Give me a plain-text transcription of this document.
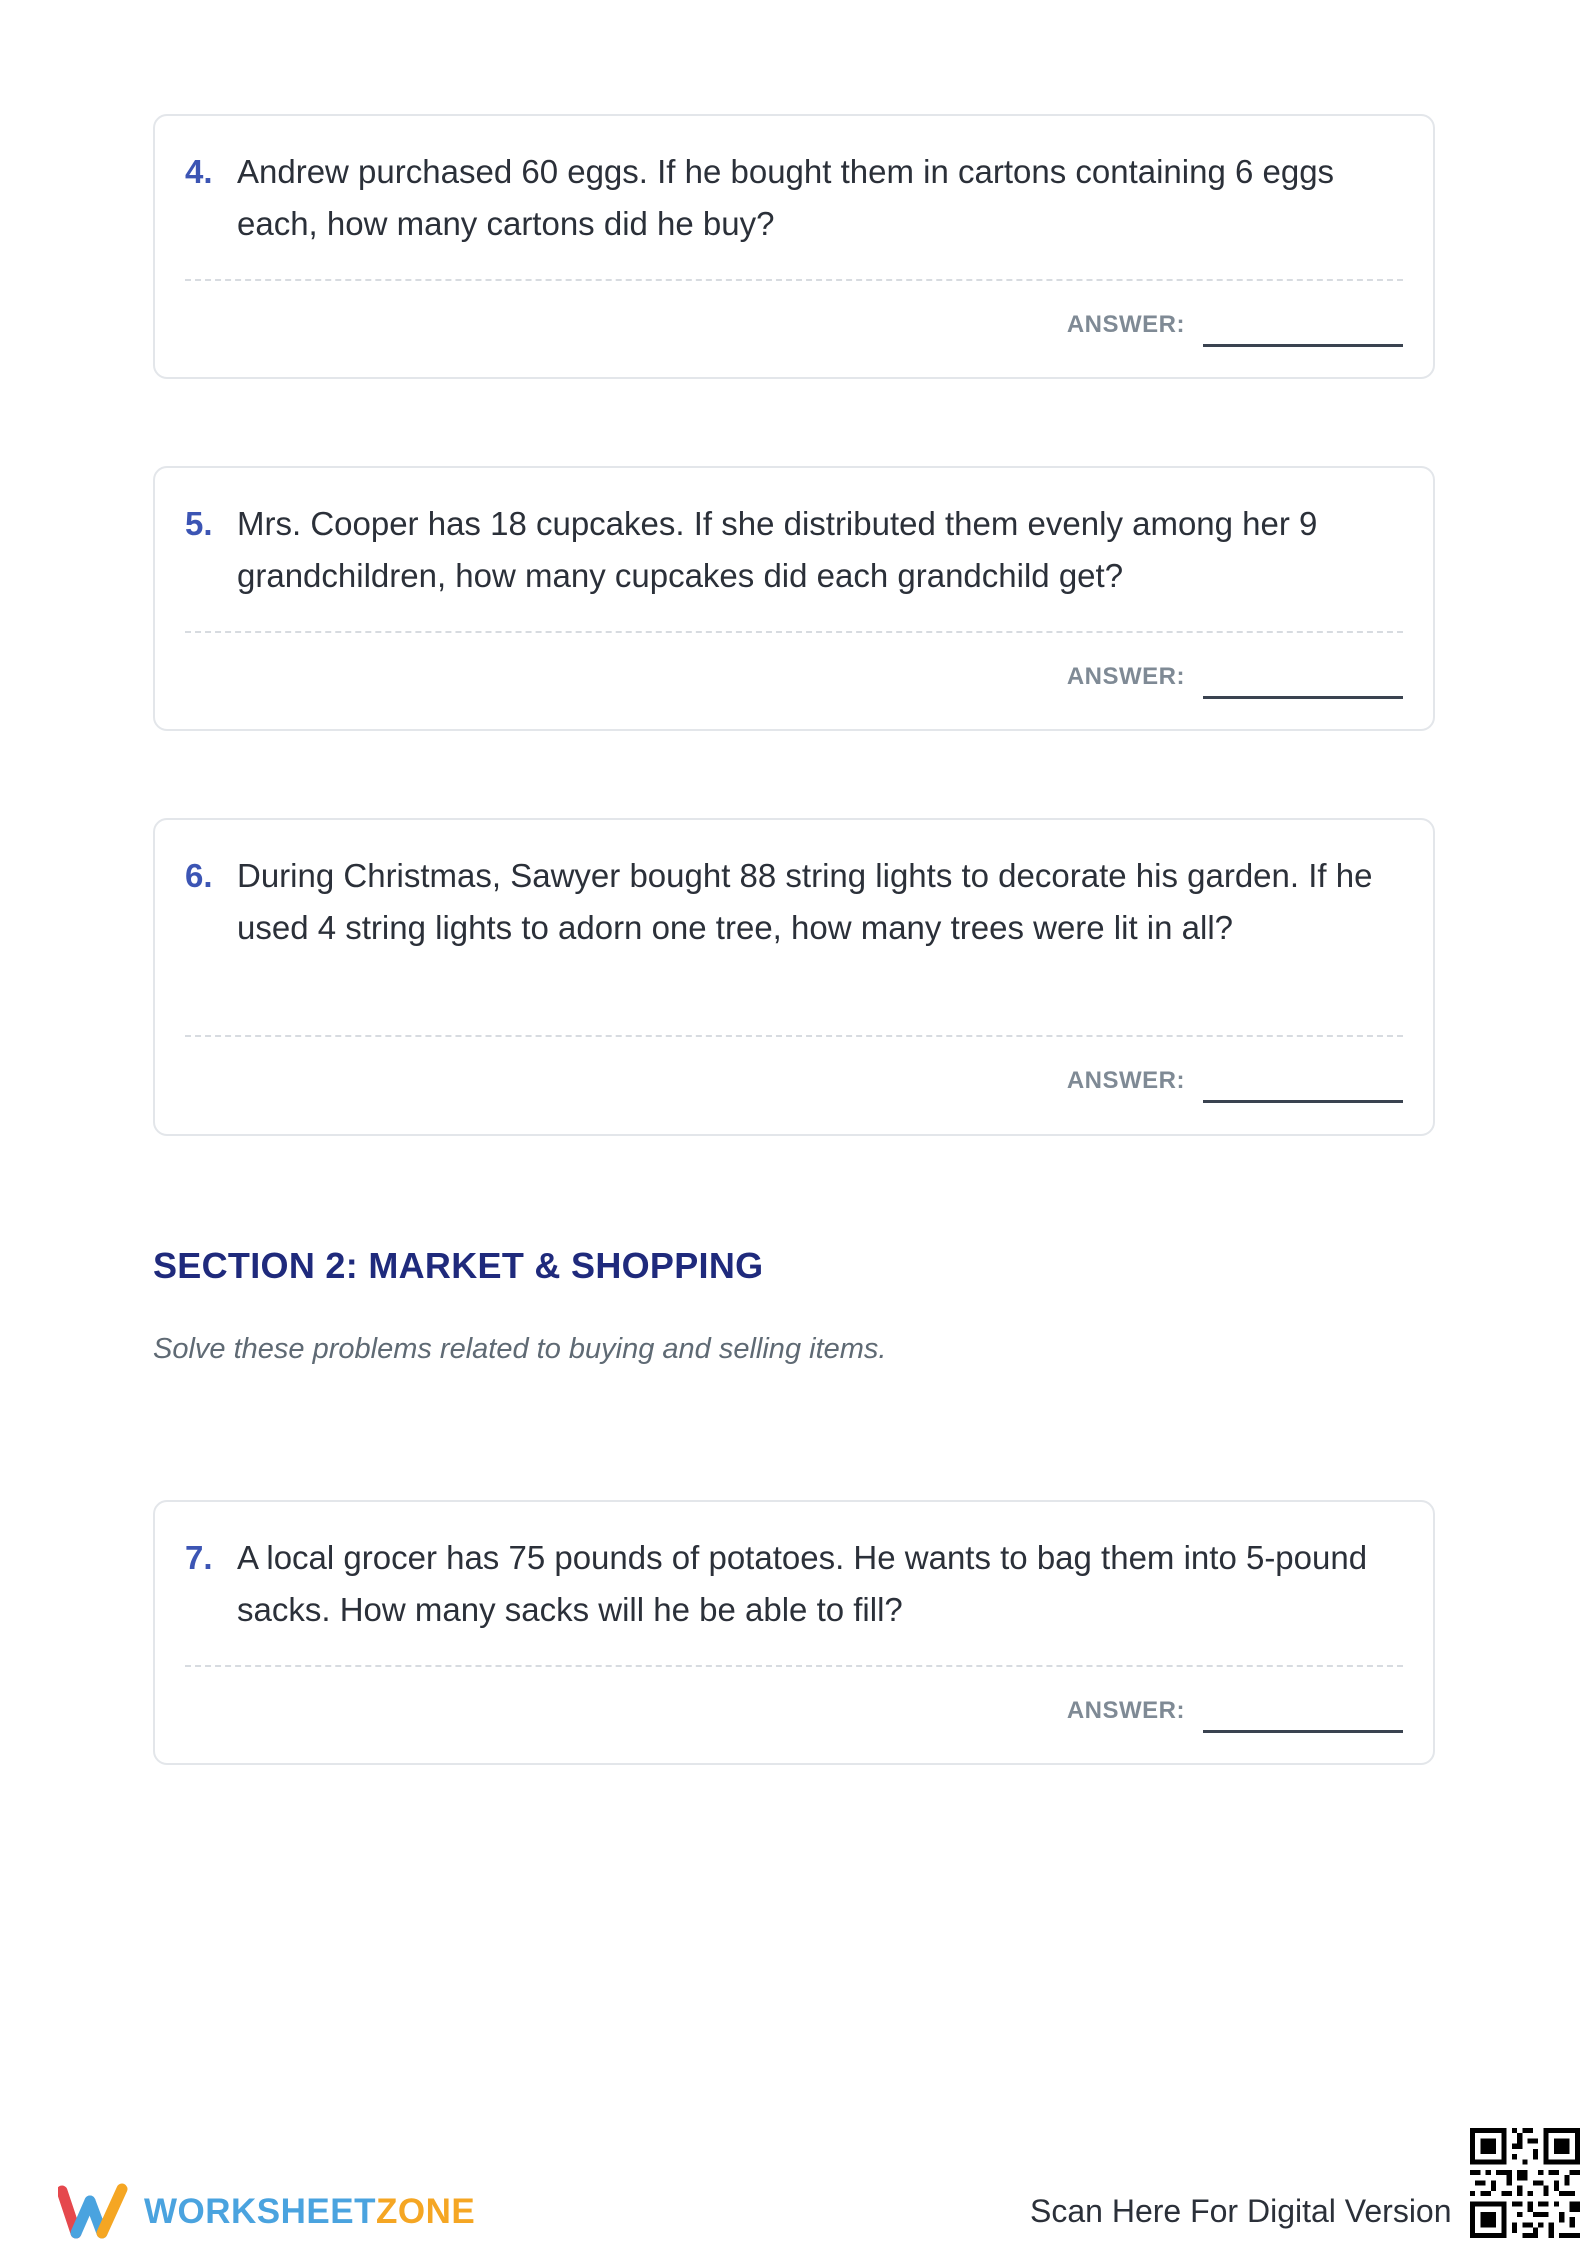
4. Andrew purchased 60 eggs. If he bought them in cartons containing 6 eggs each, how many cartons did he buy?
ANSWER:
5. Mrs. Cooper has 18 cupcakes. If she distributed them evenly among her 9 grandchildren, how many cupcakes did each grandchild get?
ANSWER:
6. During Christmas, Sawyer bought 88 string lights to decorate his garden. If he used 4 string lights to adorn one tree, how many trees were lit in all?
ANSWER:
SECTION 2: MARKET & SHOPPING
Solve these problems related to buying and selling items.
7. A local grocer has 75 pounds of potatoes. He wants to bag them into 5-pound sacks. How many sacks will he be able to fill?
ANSWER:
WORKSHEETZONE	Scan Here For Digital Version
